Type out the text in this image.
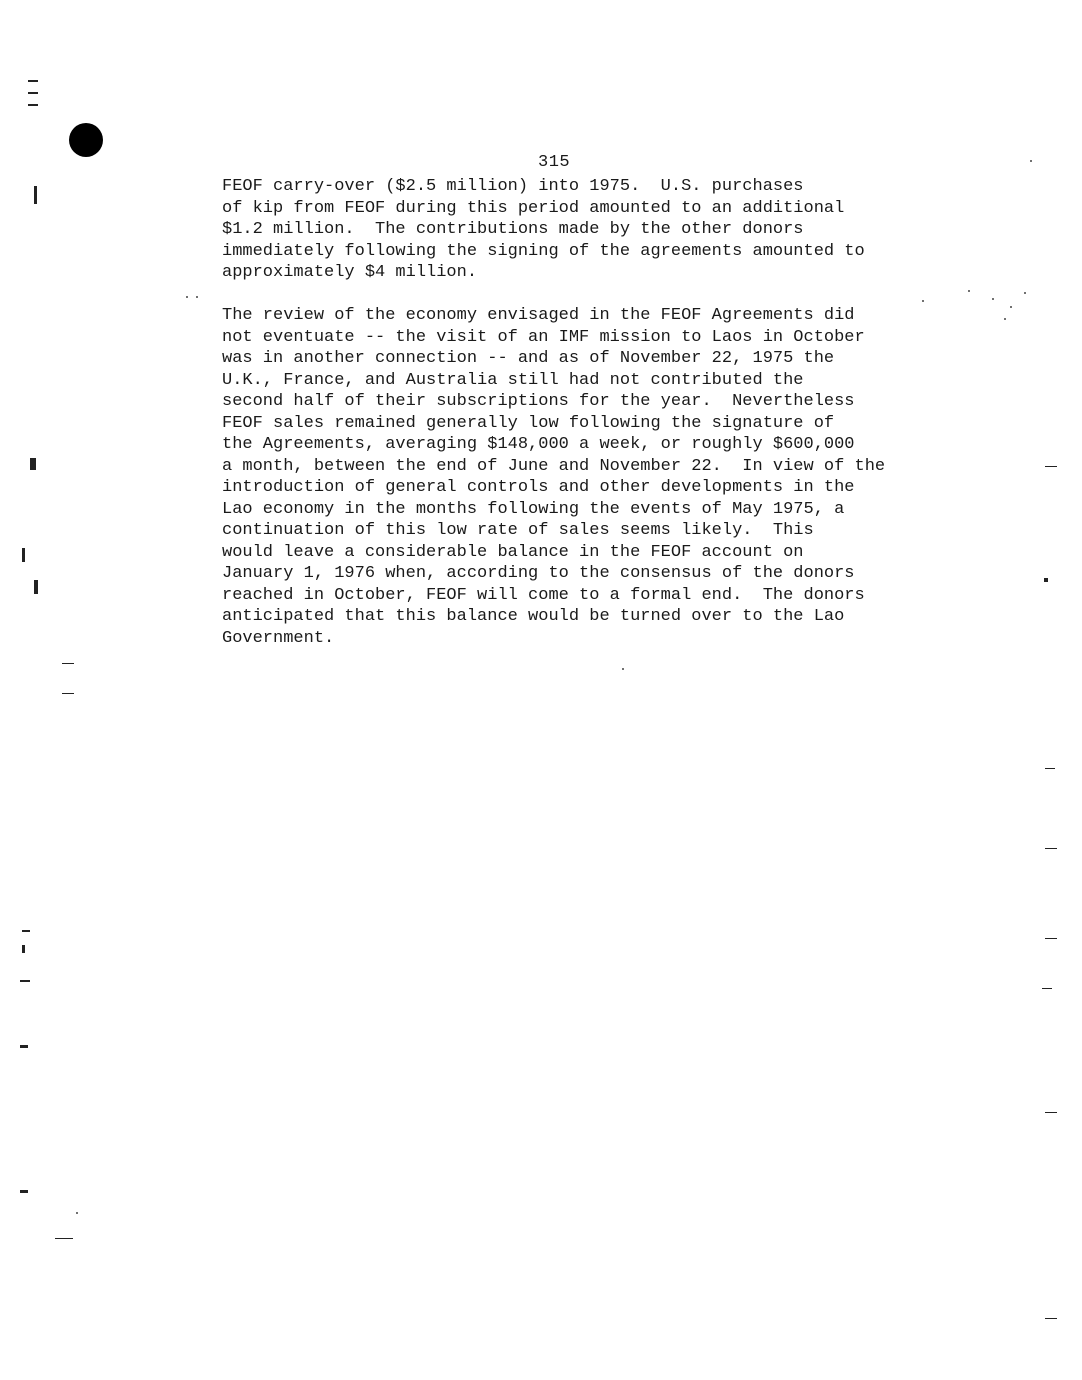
315
FEOF carry-over ($2.5 million) into 1975.  U.S. purchases
of kip from FEOF during this period amounted to an additional
$1.2 million.  The contributions made by the other donors
immediately following the signing of the agreements amounted to
approximately $4 million.
The review of the economy envisaged in the FEOF Agreements did
not eventuate -- the visit of an IMF mission to Laos in October
was in another connection -- and as of November 22, 1975 the
U.K., France, and Australia still had not contributed the
second half of their subscriptions for the year.  Nevertheless
FEOF sales remained generally low following the signature of
the Agreements, averaging $148,000 a week, or roughly $600,000
a month, between the end of June and November 22.  In view of the
introduction of general controls and other developments in the
Lao economy in the months following the events of May 1975, a
continuation of this low rate of sales seems likely.  This
would leave a considerable balance in the FEOF account on
January 1, 1976 when, according to the consensus of the donors
reached in October, FEOF will come to a formal end.  The donors
anticipated that this balance would be turned over to the Lao
Government.
